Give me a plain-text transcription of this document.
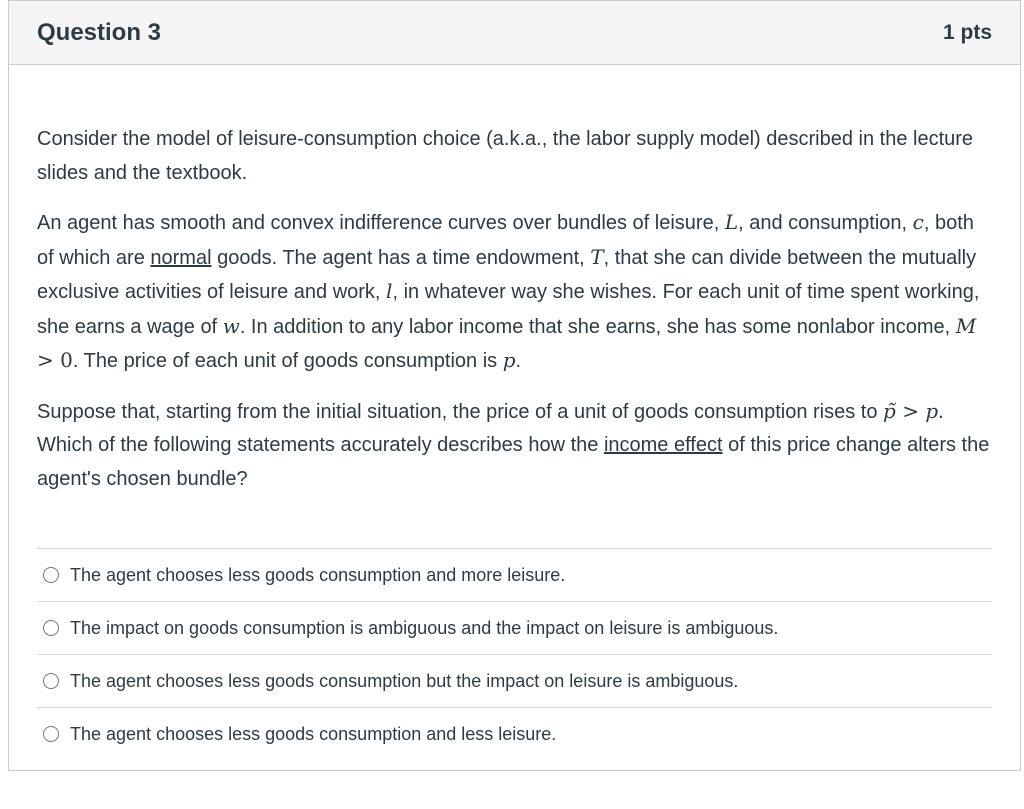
Question 3	1 pts

Consider the model of leisure-consumption choice (a.k.a., the labor supply model) described in the lecture slides and the textbook.

An agent has smooth and convex indifference curves over bundles of leisure, L, and consumption, c, both of which are normal goods. The agent has a time endowment, T, that she can divide between the mutually exclusive activities of leisure and work, l, in whatever way she wishes. For each unit of time spent working, she earns a wage of w. In addition to any labor income that she earns, she has some nonlabor income, M > 0. The price of each unit of goods consumption is p.

Suppose that, starting from the initial situation, the price of a unit of goods consumption rises to p̃ > p. Which of the following statements accurately describes how the income effect of this price change alters the agent's chosen bundle?

The agent chooses less goods consumption and more leisure.
The impact on goods consumption is ambiguous and the impact on leisure is ambiguous.
The agent chooses less goods consumption but the impact on leisure is ambiguous.
The agent chooses less goods consumption and less leisure.
